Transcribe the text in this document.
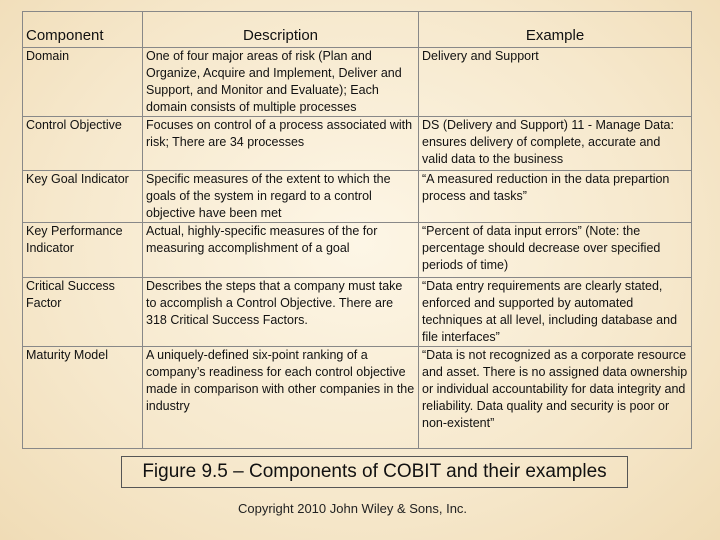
Component	Description	Example
Domain	One of four major areas of risk (Plan and Organize, Acquire and Implement, Deliver and Support, and Monitor and Evaluate); Each domain consists of multiple processes	Delivery and Support
Control Objective	Focuses on control of a process associated with risk; There are 34 processes	DS (Delivery and Support) 11 - Manage Data: ensures delivery of complete, accurate and valid data to the business
Key Goal Indicator	Specific measures of the extent to which the goals of the system in regard to a control objective have been met	“A measured reduction in the data prepartion process and tasks”
Key Performance Indicator	Actual, highly-specific measures of the for measuring accomplishment of a goal	“Percent of data input errors” (Note: the percentage should decrease over specified periods of time)
Critical Success Factor	Describes the steps that a company must take to accomplish a Control Objective. There are 318 Critical Success Factors.	“Data entry requirements are clearly stated, enforced and supported by automated techniques at all level, including database and file interfaces”
Maturity Model	A uniquely-defined six-point ranking of a company’s readiness for each control objective made in comparison with other companies in the industry	“Data is not recognized as a corporate resource and asset. There is no assigned data ownership or individual accountability for data integrity and reliability. Data quality and security is poor or non-existent”
Figure 9.5 – Components of COBIT and their examples
Copyright 2010 John Wiley & Sons, Inc.
